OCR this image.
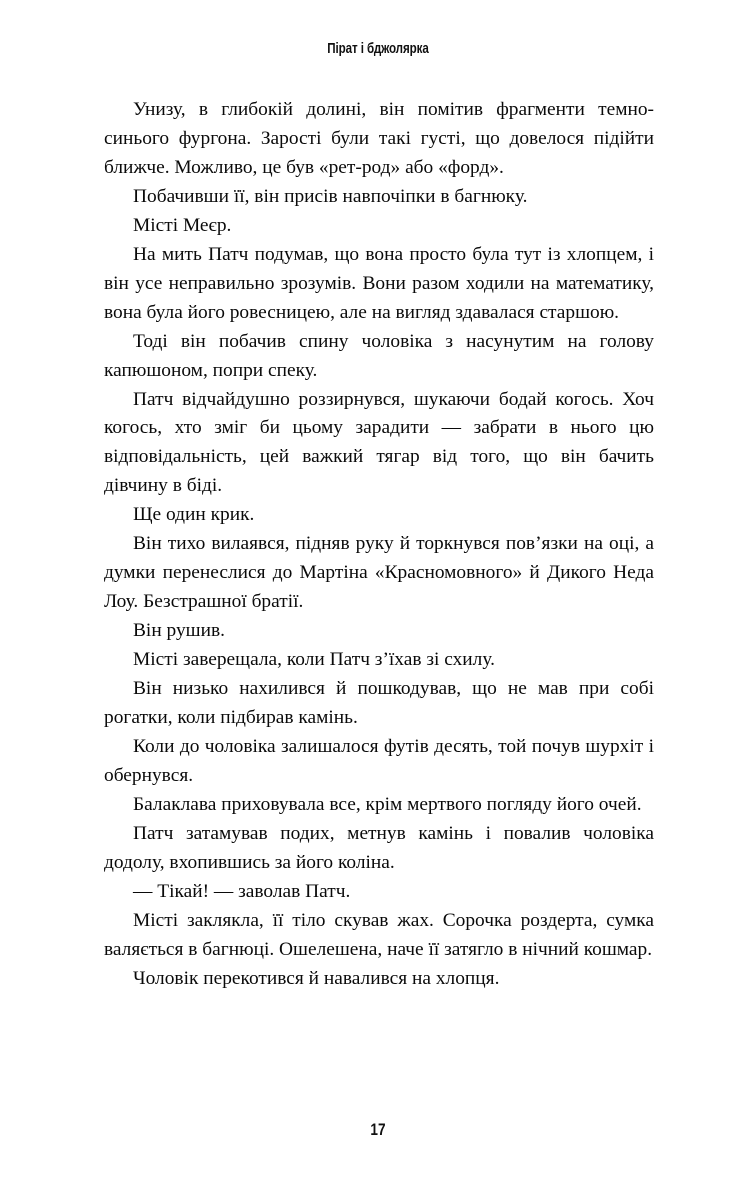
Пірат і бджолярка

Унизу, в глибокій долині, він помітив фрагменти темно-синього фургона. Зарості були такі густі, що довелося підійти ближче. Можливо, це був «рет-род» або «форд».

Побачивши її, він присів навпочіпки в багнюку.

Місті Меєр.

На мить Патч подумав, що вона просто була тут із хлопцем, і він усе неправильно зрозумів. Вони разом ходили на математику, вона була його ровесницею, але на вигляд здавалася старшою.

Тоді він побачив спину чоловіка з насунутим на голову капюшоном, попри спеку.

Патч відчайдушно роззирнувся, шукаючи бодай когось. Хоч когось, хто зміг би цьому зарадити — забрати в нього цю відповідальність, цей важкий тягар від того, що він бачить дівчину в біді.

Ще один крик.

Він тихо вилаявся, підняв руку й торкнувся пов’язки на оці, а думки перенеслися до Мартіна «Красномовного» й Дикого Неда Лоу. Безстрашної братії.

Він рушив.

Місті заверещала, коли Патч з’їхав зі схилу.

Він низько нахилився й пошкодував, що не мав при собі рогатки, коли підбирав камінь.

Коли до чоловіка залишалося футів десять, той почув шурхіт і обернувся.

Балаклава приховувала все, крім мертвого погляду його очей.

Патч затамував подих, метнув камінь і повалив чоловіка додолу, вхопившись за його коліна.

— Тікай! — заволав Патч.

Місті заклякла, її тіло скував жах. Сорочка роздерта, сумка валяється в багнюці. Ошелешена, наче її затягло в нічний кошмар.

Чоловік перекотився й навалився на хлопця.

17
